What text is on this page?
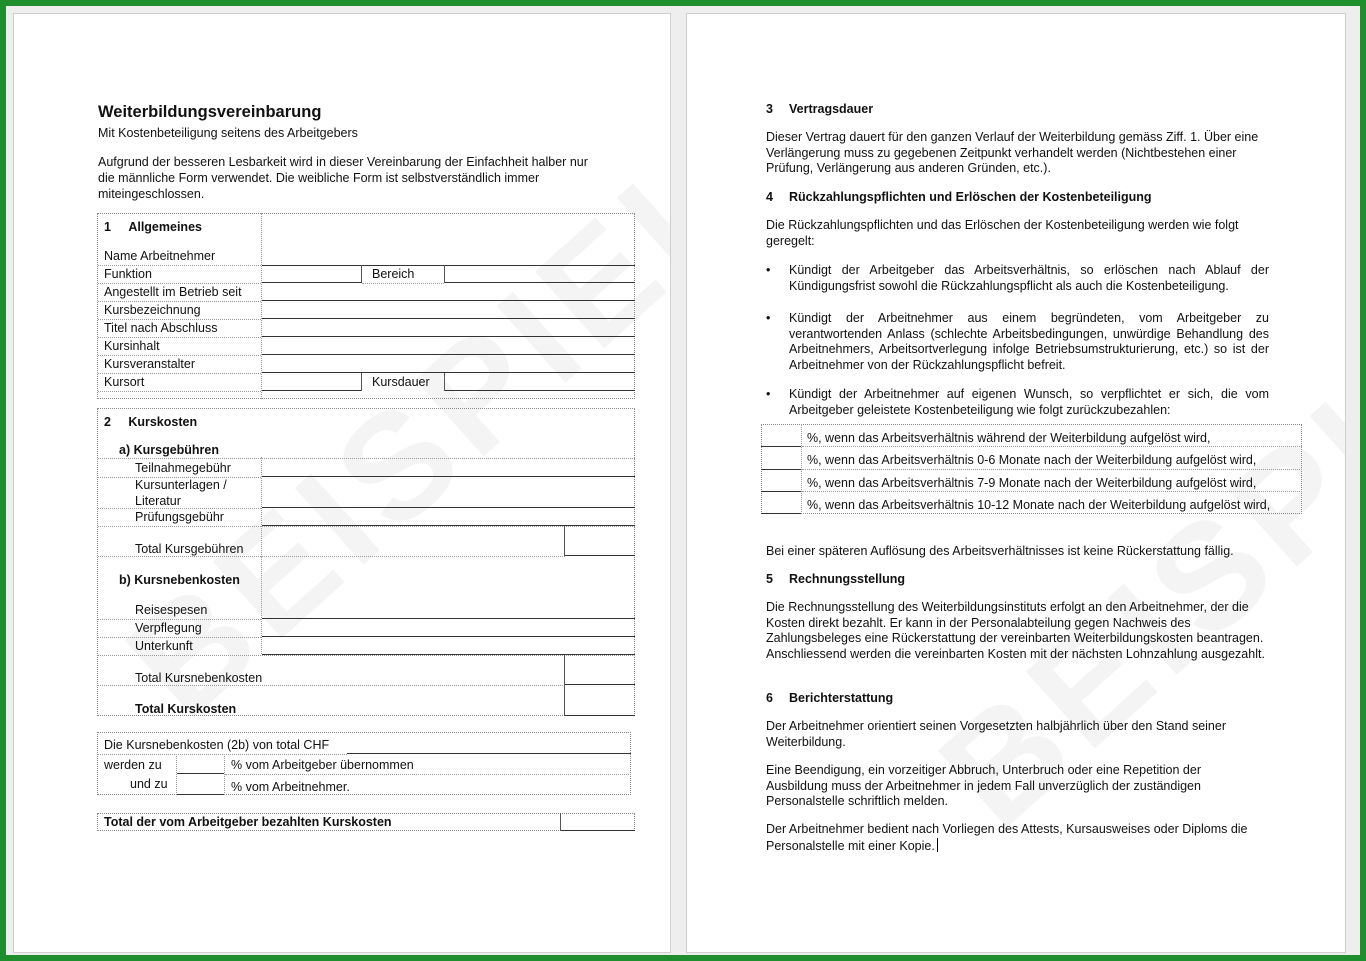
Weiterbildungsvereinbarung
Mit Kostenbeteiligung seitens des Arbeitgebers
Aufgrund der besseren Lesbarkeit wird in dieser Vereinbarung der Einfachheit halber nur die männliche Form verwendet. Die weibliche Form ist selbstverständlich immer miteingeschlossen.
1 Allgemeines
Name Arbeitnehmer
Funktion	Bereich
Angestellt im Betrieb seit
Kursbezeichnung
Titel nach Abschluss
Kursinhalt
Kursveranstalter
Kursort	Kursdauer
2 Kurskosten
a) Kursgebühren
Teilnahmegebühr
Kursunterlagen /
Literatur
Prüfungsgebühr
Total Kursgebühren
b) Kursnebenkosten
Reisespesen
Verpflegung
Unterkunft
Total Kursnebenkosten
Total Kurskosten
Die Kursnebenkosten (2b) von total CHF
werden zu	% vom Arbeitgeber übernommen
und zu	% vom Arbeitnehmer.
Total der vom Arbeitgeber bezahlten Kurskosten
3 Vertragsdauer
Dieser Vertrag dauert für den ganzen Verlauf der Weiterbildung gemäss Ziff. 1. Über eine Verlängerung muss zu gegebenen Zeitpunkt verhandelt werden (Nichtbestehen einer Prüfung, Verlängerung aus anderen Gründen, etc.).
4 Rückzahlungspflichten und Erlöschen der Kostenbeteiligung
Die Rückzahlungspflichten und das Erlöschen der Kostenbeteiligung werden wie folgt geregelt:
• Kündigt der Arbeitgeber das Arbeitsverhältnis, so erlöschen nach Ablauf der Kündigungsfrist sowohl die Rückzahlungspflicht als auch die Kostenbeteiligung.
• Kündigt der Arbeitnehmer aus einem begründeten, vom Arbeitgeber zu verantwortenden Anlass (schlechte Arbeitsbedingungen, unwürdige Behandlung des Arbeitnehmers, Arbeitsortverlegung infolge Betriebsumstrukturierung, etc.) so ist der Arbeitnehmer von der Rückzahlungspflicht befreit.
• Kündigt der Arbeitnehmer auf eigenen Wunsch, so verpflichtet er sich, die vom Arbeitgeber geleistete Kostenbeteiligung wie folgt zurückzubezahlen:
%, wenn das Arbeitsverhältnis während der Weiterbildung aufgelöst wird,
%, wenn das Arbeitsverhältnis 0-6 Monate nach der Weiterbildung aufgelöst wird,
%, wenn das Arbeitsverhältnis 7-9 Monate nach der Weiterbildung aufgelöst wird,
%, wenn das Arbeitsverhältnis 10-12 Monate nach der Weiterbildung aufgelöst wird,
Bei einer späteren Auflösung des Arbeitsverhältnisses ist keine Rückerstattung fällig.
5 Rechnungsstellung
Die Rechnungsstellung des Weiterbildungsinstituts erfolgt an den Arbeitnehmer, der die Kosten direkt bezahlt. Er kann in der Personalabteilung gegen Nachweis des Zahlungsbeleges eine Rückerstattung der vereinbarten Weiterbildungskosten beantragen. Anschliessend werden die vereinbarten Kosten mit der nächsten Lohnzahlung ausgezahlt.
6 Berichterstattung
Der Arbeitnehmer orientiert seinen Vorgesetzten halbjährlich über den Stand seiner Weiterbildung.
Eine Beendigung, ein vorzeitiger Abbruch, Unterbruch oder eine Repetition der Ausbildung muss der Arbeitnehmer in jedem Fall unverzüglich der zuständigen Personalstelle schriftlich melden.
Der Arbeitnehmer bedient nach Vorliegen des Attests, Kursausweises oder Diploms die Personalstelle mit einer Kopie.
